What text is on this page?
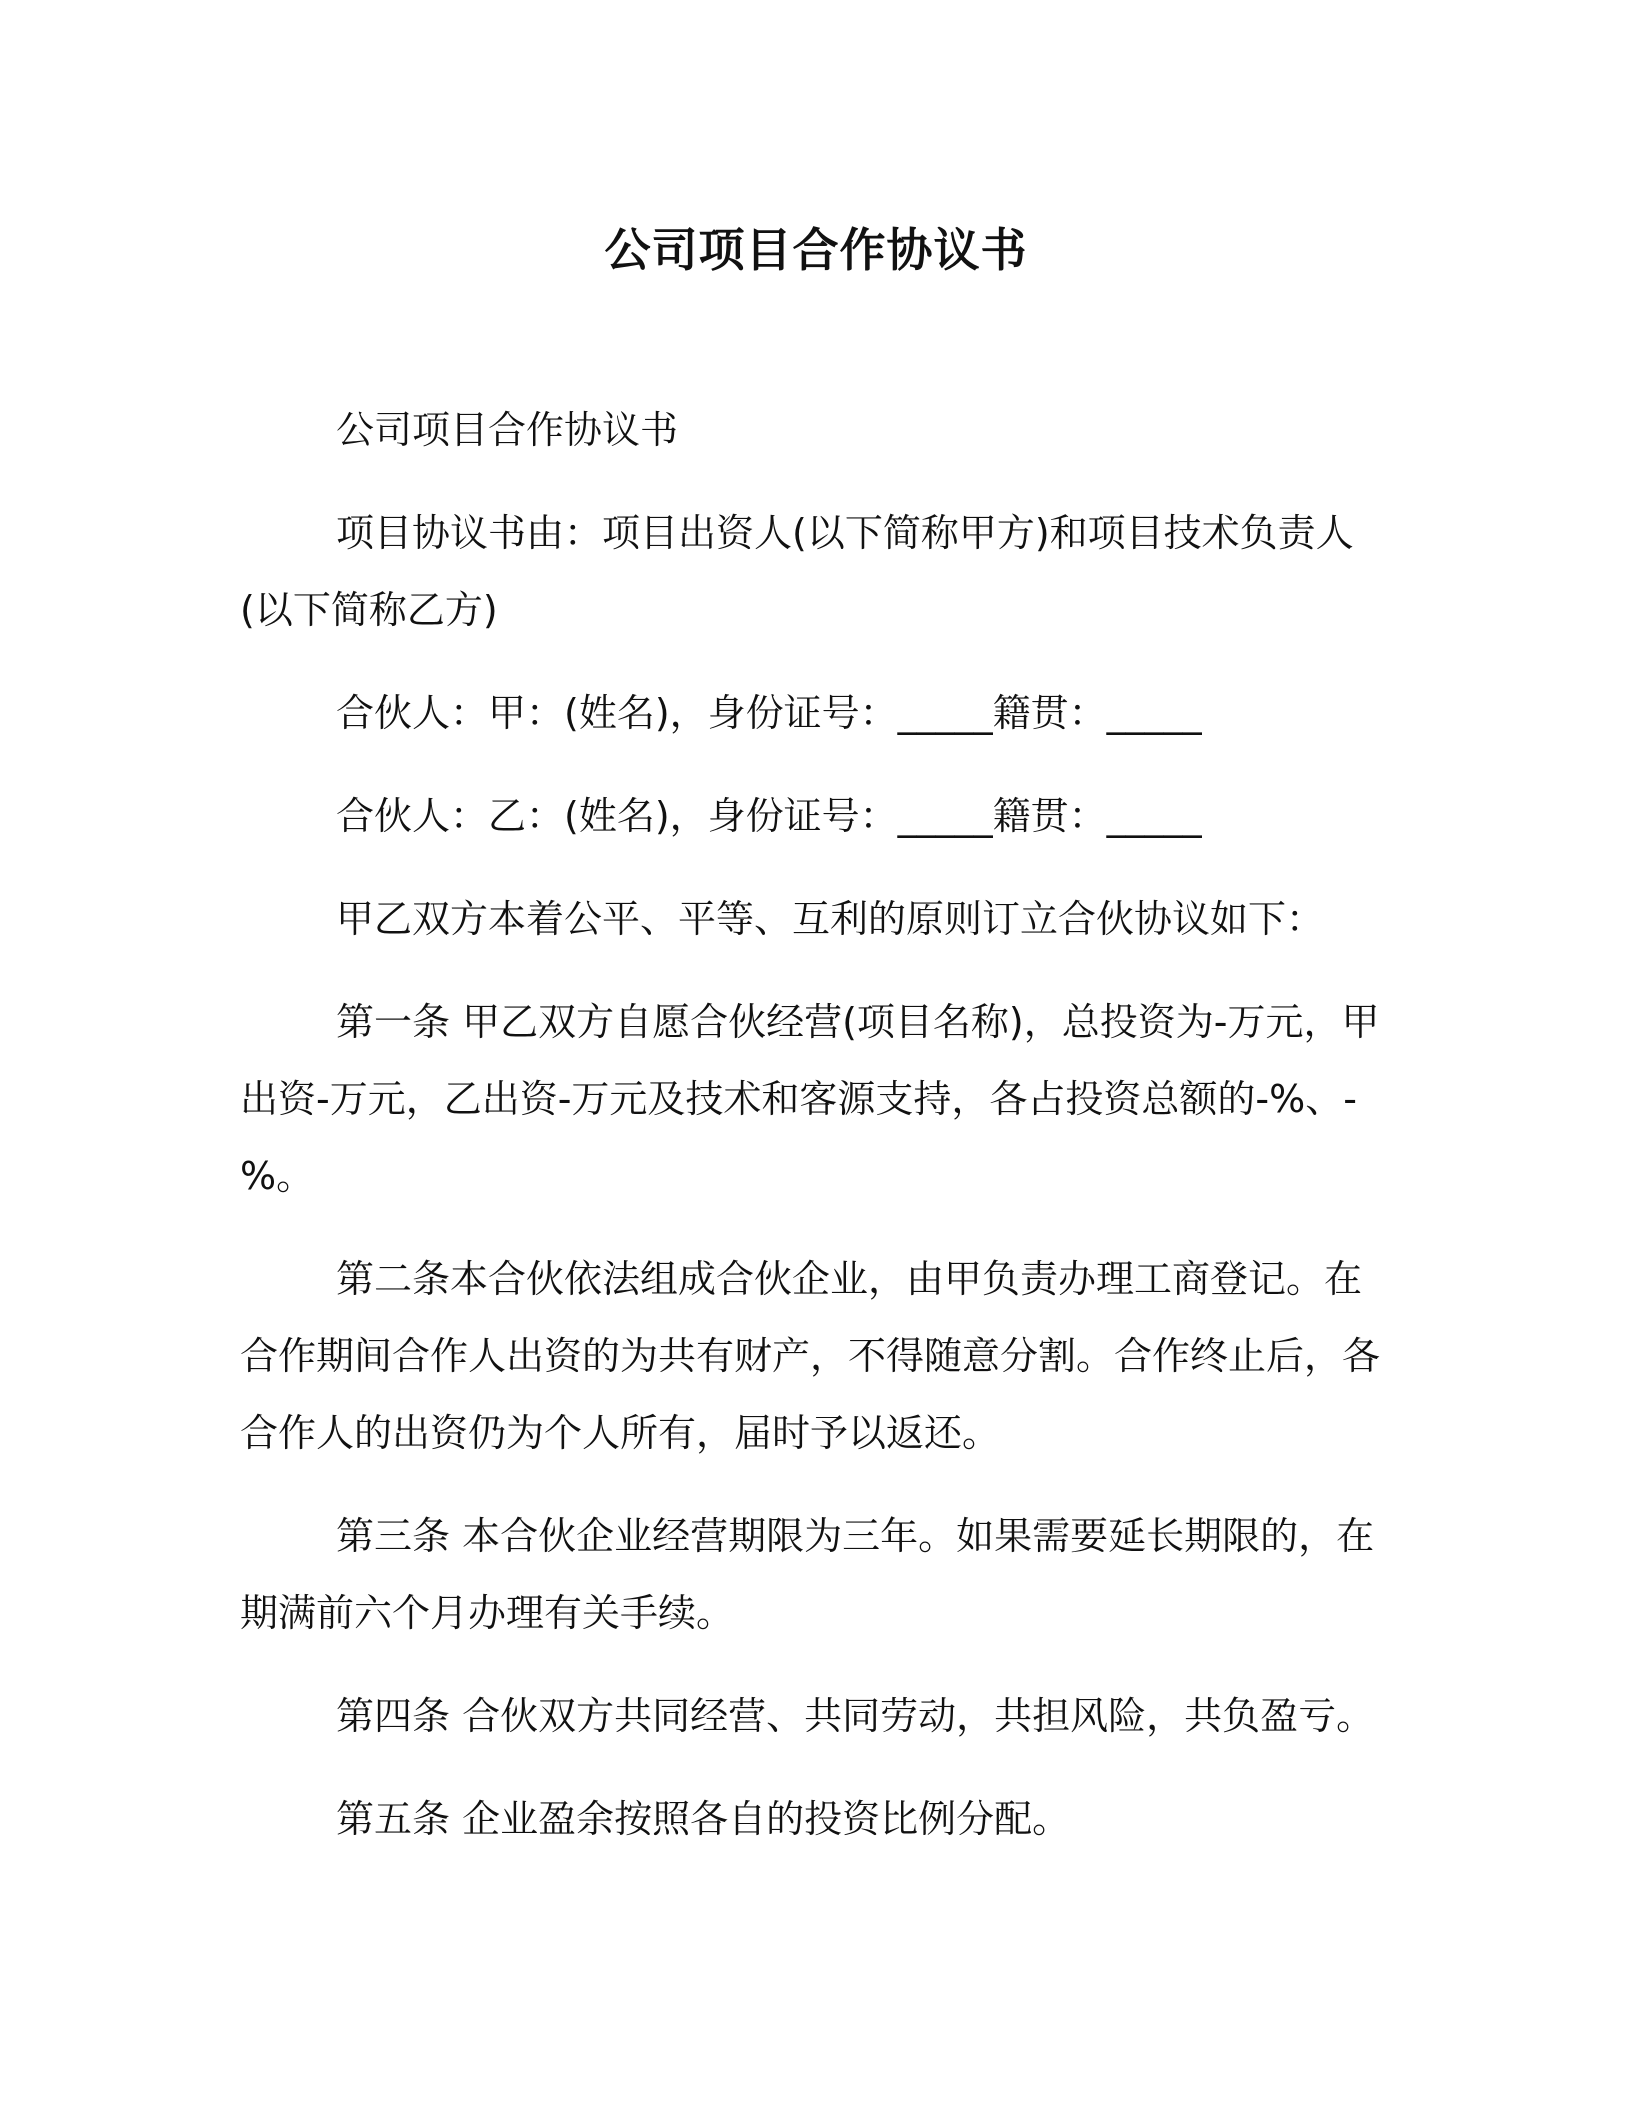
公司项目合作协议书

公司项目合作协议书

项目协议书由：项目出资人(以下简称甲方)和项目技术负责人(以下简称乙方)

合伙人：甲：(姓名)，身份证号：_____籍贯：_____

合伙人：乙：(姓名)，身份证号：_____籍贯：_____

甲乙双方本着公平、平等、互利的原则订立合伙协议如下：

第一条 甲乙双方自愿合伙经营(项目名称)，总投资为-万元，甲出资-万元，乙出资-万元及技术和客源支持，各占投资总额的-%、-%。

第二条本合伙依法组成合伙企业，由甲负责办理工商登记。在合作期间合作人出资的为共有财产，不得随意分割。合作终止后，各合作人的出资仍为个人所有，届时予以返还。

第三条 本合伙企业经营期限为三年。如果需要延长期限的，在期满前六个月办理有关手续。

第四条 合伙双方共同经营、共同劳动，共担风险，共负盈亏。

第五条 企业盈余按照各自的投资比例分配。
